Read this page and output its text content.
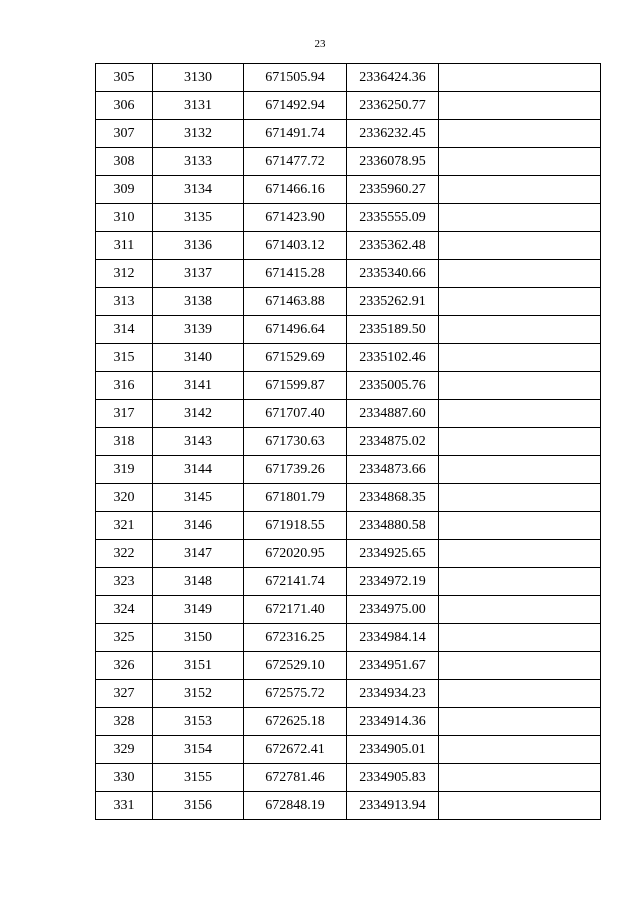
23
305	3130	671505.94	2336424.36	
306	3131	671492.94	2336250.77	
307	3132	671491.74	2336232.45	
308	3133	671477.72	2336078.95	
309	3134	671466.16	2335960.27	
310	3135	671423.90	2335555.09	
311	3136	671403.12	2335362.48	
312	3137	671415.28	2335340.66	
313	3138	671463.88	2335262.91	
314	3139	671496.64	2335189.50	
315	3140	671529.69	2335102.46	
316	3141	671599.87	2335005.76	
317	3142	671707.40	2334887.60	
318	3143	671730.63	2334875.02	
319	3144	671739.26	2334873.66	
320	3145	671801.79	2334868.35	
321	3146	671918.55	2334880.58	
322	3147	672020.95	2334925.65	
323	3148	672141.74	2334972.19	
324	3149	672171.40	2334975.00	
325	3150	672316.25	2334984.14	
326	3151	672529.10	2334951.67	
327	3152	672575.72	2334934.23	
328	3153	672625.18	2334914.36	
329	3154	672672.41	2334905.01	
330	3155	672781.46	2334905.83	
331	3156	672848.19	2334913.94	
